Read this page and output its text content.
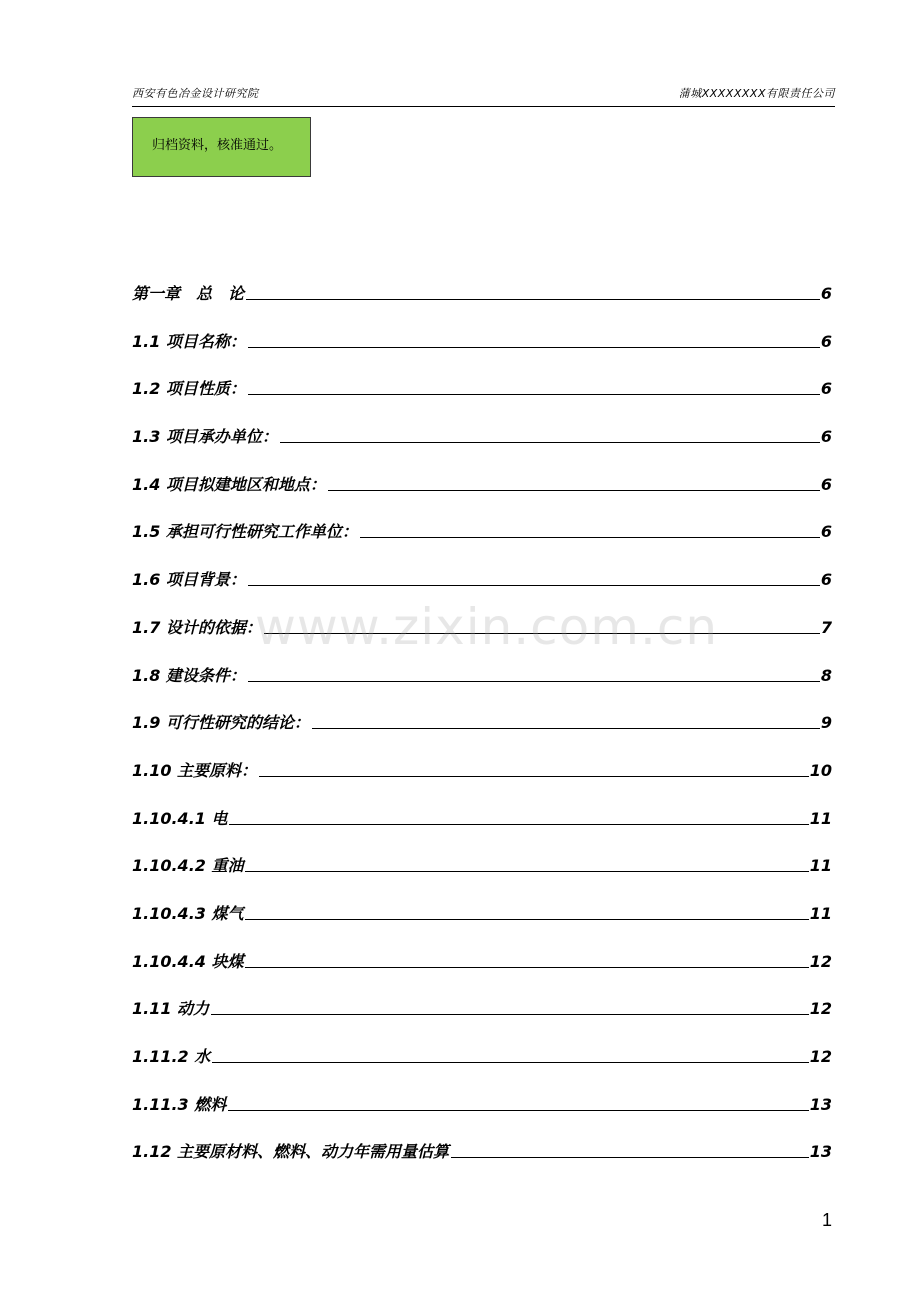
西安有色冶金设计研究院	蒲城XXXXXXXX有限责任公司
归档资料，核准通过。
第一章　总　论	6
1.1 项目名称：	6
1.2 项目性质：	6
1.3 项目承办单位：	6
1.4 项目拟建地区和地点：	6
1.5 承担可行性研究工作单位：	6
1.6 项目背景：	6
1.7 设计的依据：	7
1.8 建设条件：	8
1.9 可行性研究的结论：	9
1.10 主要原料：	10
1.10.4.1 电	11
1.10.4.2 重油	11
1.10.4.3 煤气	11
1.10.4.4 块煤	12
1.11 动力	12
1.11.2 水	12
1.11.3 燃料	13
1.12 主要原材料、燃料、动力年需用量估算	13
www.zixin.com.cn
1
